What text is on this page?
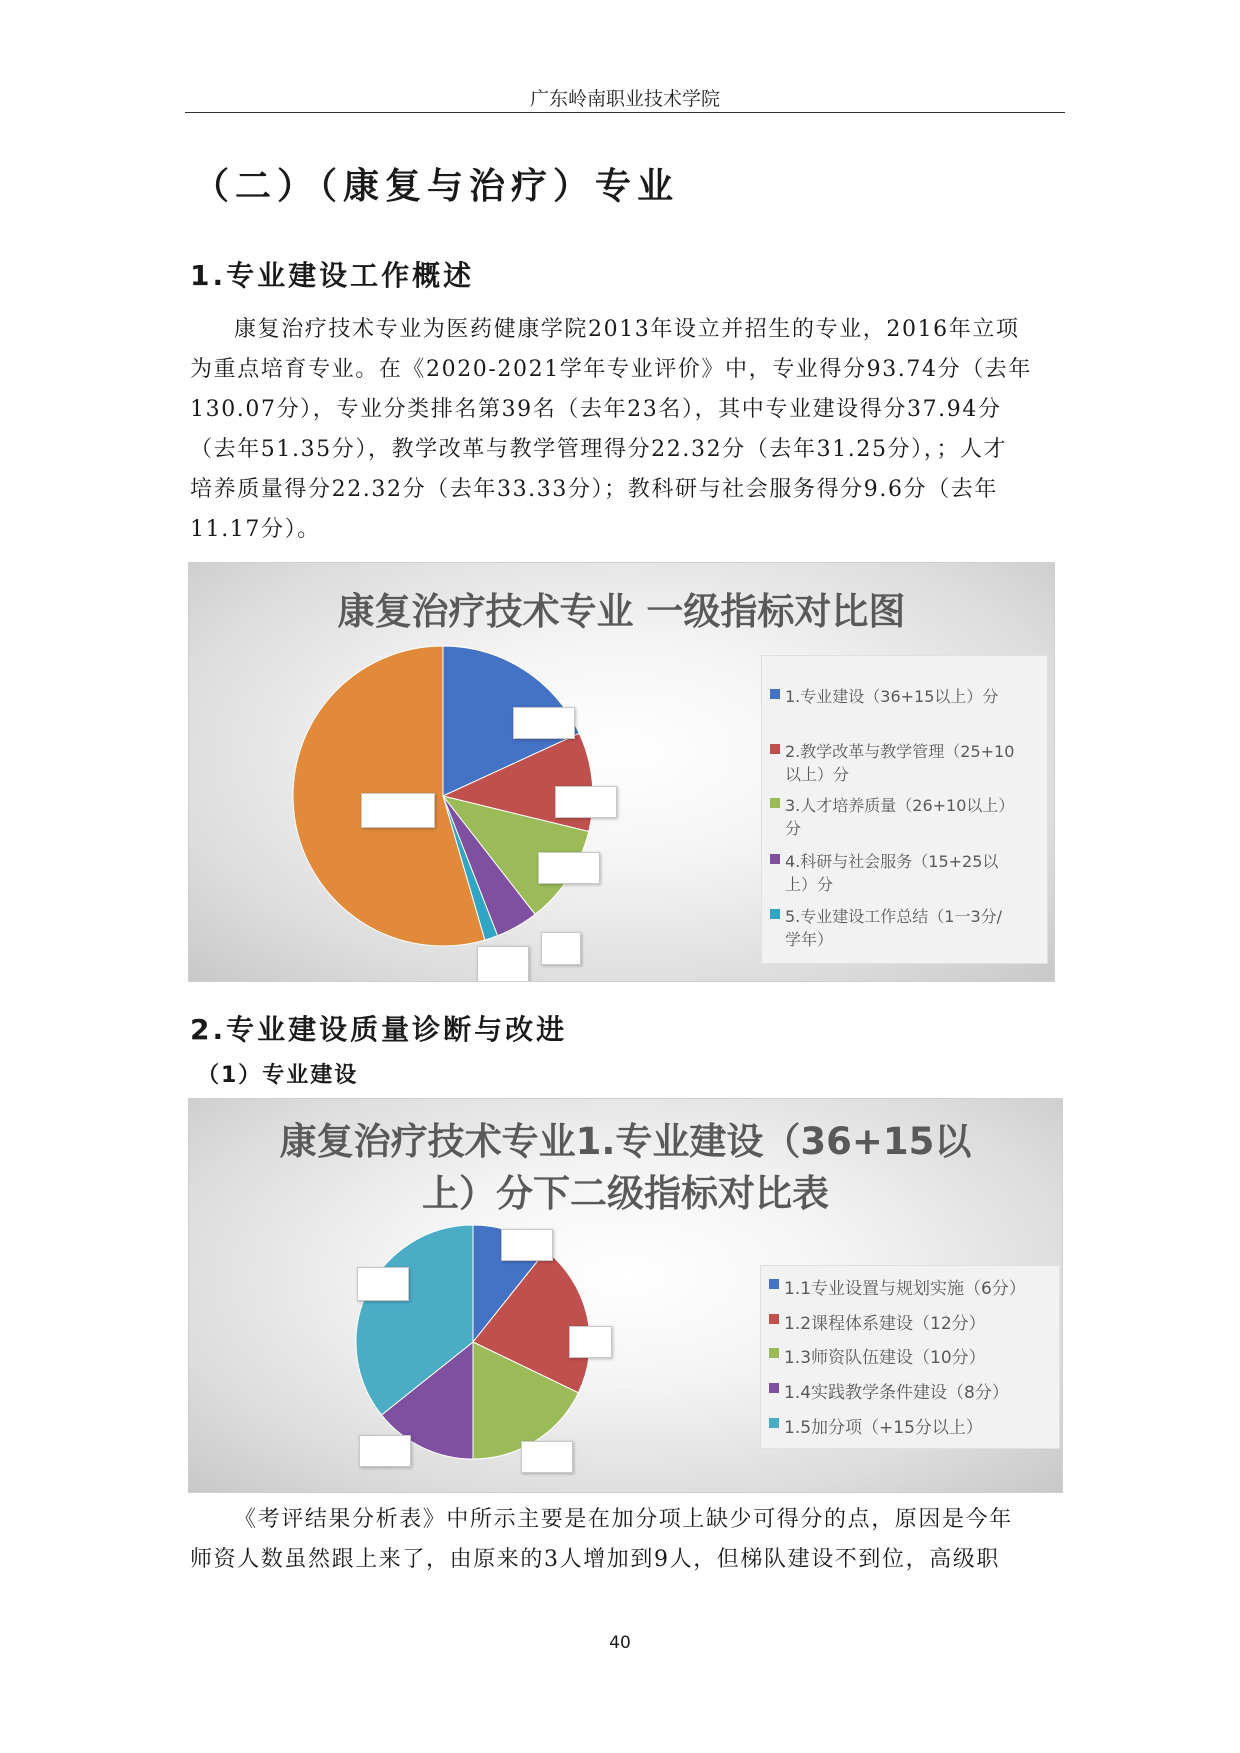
广东岭南职业技术学院
（二）（康复与治疗）专业
1.专业建设工作概述

康复治疗技术专业为医药健康学院2013年设立并招生的专业，2016年立项

为重点培育专业。在《2020-2021学年专业评价》中，专业得分93.74分（去年

130.07分），专业分类排名第39名（去年23名），其中专业建设得分37.94分

（去年51.35分），教学改革与教学管理得分22.32分（去年31.25分），；人才

培养质量得分22.32分（去年33.33分）；教科研与社会服务得分9.6分（去年

11.17分）。

康复治疗技术专业 一级指标对比图
1.专业建设（36+15以上）分
2.教学改革与教学管理（25+10
以上）分
3.人才培养质量（26+10以上）
分
4.科研与社会服务（15+25以
上）分
5.专业建设工作总结（1一3分/
学年）
2.专业建设质量诊断与改进
（1）专业建设
康复治疗技术专业1.专业建设（36+15以
上）分下二级指标对比表
1.1专业设置与规划实施（6分）
1.2课程体系建设（12分）
1.3师资队伍建设（10分）
1.4实践教学条件建设（8分）
1.5加分项（+15分以上）

《考评结果分析表》中所示主要是在加分项上缺少可得分的点，原因是今年

师资人数虽然跟上来了，由原来的3人增加到9人，但梯队建设不到位，高级职

40
